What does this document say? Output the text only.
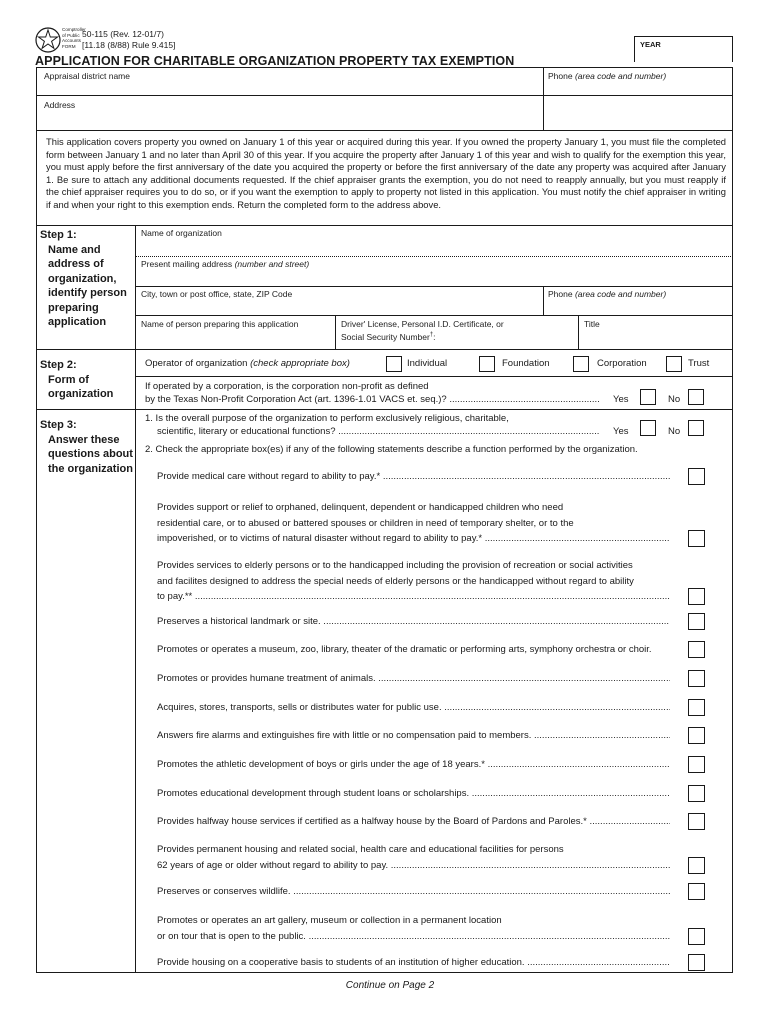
Comptroller of Public Accounts FORM
50-115 (Rev. 12-01/7)
[11.18 (8/88) Rule 9.415]	YEAR
APPLICATION FOR CHARITABLE ORGANIZATION PROPERTY TAX EXEMPTION
Appraisal district name	Phone (area code and number)
Address
This application covers property you owned on January 1 of this year or acquired during this year. If you owned the property January 1, you must file the completed form between January 1 and no later than April 30 of this year. If you acquire the property after January 1 of this year and wish to qualify for the exemption this year, you must apply before the first anniversary of the date you acquired the property or before the first anniversary of the date any property was acquired after January 1. Be sure to attach any additional documents requested. If the chief appraiser grants the exemption, you do not need to reapply annually, but you must reapply if the chief appraiser requires you to do so, or if you want the exemption to apply to property not listed in this application. You must notify the chief appraiser in writing if and when your right to this exemption ends. Return the completed form to the address above.
Step 1:
Name and address of organization, identify person preparing application
Name of organization
Present mailing address (number and street)
City, town or post office, state, ZIP Code	Phone (area code and number)
Name of person preparing this application	Driver' License, Personal I.D. Certificate, or
Social Security Number†:
Title
Step 2:
Form of organization
Operator of organization (check appropriate box)	Individual	Foundation	Corporation	Trust
If operated by a corporation, is the corporation non-profit as defined
by the Texas Non-Profit Corporation Act (art. 1396-1.01 VACS et. seq.)? .....	Yes	No
Step 3:
Answer these questions about the organization
1. Is the overall purpose of the organization to perform exclusively religious, charitable,
scientific, literary or educational functions? .....	Yes	No
2. Check the appropriate box(es) if any of the following statements describe a function performed by the organization.
Provide medical care without regard to ability to pay.* .....
Provides support or relief to orphaned, delinquent, dependent or handicapped children who need
residential care, or to abused or battered spouses or children in need of temporary shelter, or to the
impoverished, or to victims of natural disaster without regard to ability to pay.* .....
Provides services to elderly persons or to the handicapped including the provision of recreation or social activities
and facilites designed to address the special needs of elderly persons or the handicapped without regard to ability
to pay.** .....
Preserves a historical landmark or site. .....
Promotes or operates a museum, zoo, library, theater of the dramatic or performing arts, symphony orchestra or choir.
Promotes or provides humane treatment of animals. .....
Acquires, stores, transports, sells or distributes water for public use. .....
Answers fire alarms and extinguishes fire with little or no compensation paid to members. .....
Promotes the athletic development of boys or girls under the age of 18 years.* .....
Promotes educational development through student loans or scholarships. .....
Provides halfway house services if certified as a halfway house by the Board of Pardons and Paroles.* .....
Provides permanent housing and related social, health care and educational facilities for persons
62 years of age or older without regard to ability to pay. .....
Preserves or conserves wildlife. .....
Promotes or operates an art gallery, museum or collection in a permanent location
or on tour that is open to the public. .....
Provide housing on a cooperative basis to students of an institution of higher education. .....
Continue on Page 2
